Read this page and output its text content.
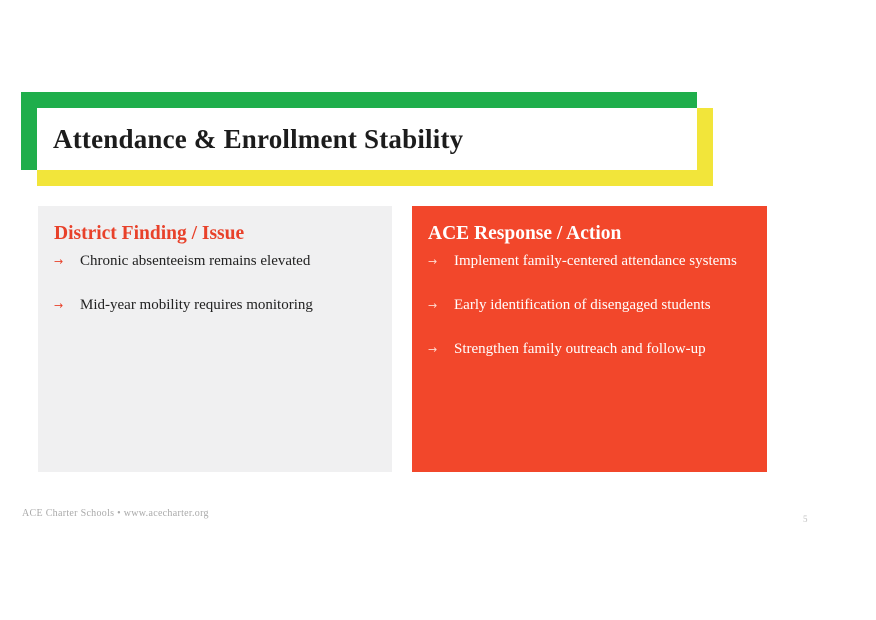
Attendance & Enrollment Stability
District Finding / Issue
→	Chronic absenteeism remains elevated
→	Mid-year mobility requires monitoring
ACE Response / Action
→	Implement family-centered attendance systems
→	Early identification of disengaged students
→	Strengthen family outreach and follow-up
ACE Charter Schools • www.acecharter.org	5
